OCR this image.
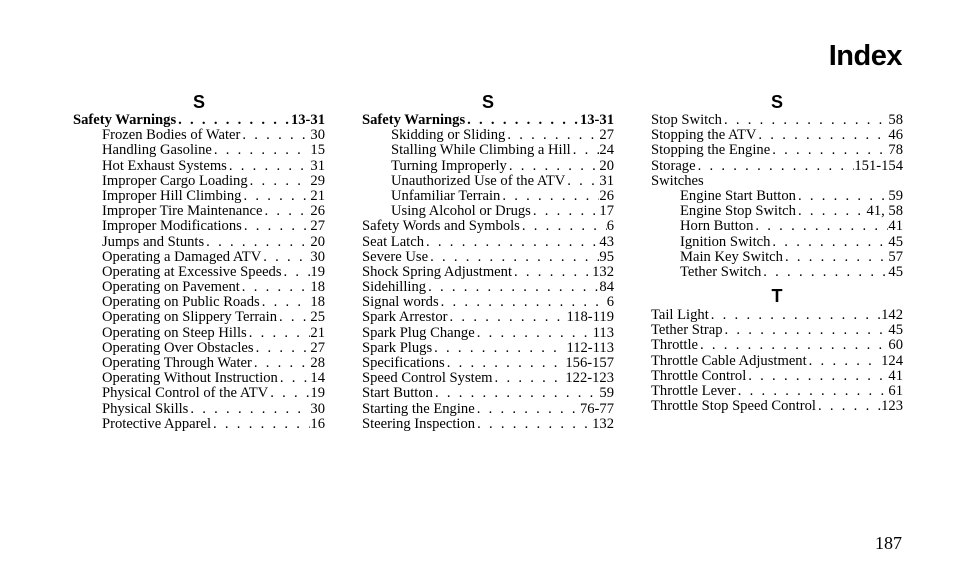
Index
S
Safety Warnings . . .	13-31
Frozen Bodies of Water . . .	30
Handling Gasoline . . .	15
Hot Exhaust Systems . . .	31
Improper Cargo Loading . . .	29
Improper Hill Climbing . . .	21
Improper Tire Maintenance . . .	26
Improper Modifications . . .	27
Jumps and Stunts . . .	20
Operating a Damaged ATV . . .	30
Operating at Excessive Speeds . . . 19
Operating on Pavement . . .	18
Operating on Public Roads . . .	18
Operating on Slippery Terrain . . . 25
Operating on Steep Hills . . .	21
Operating Over Obstacles . . .	27
Operating Through Water . . .	28
Operating Without Instruction . . . 14
Physical Control of the ATV . . .	19
Physical Skills . . .	30
Protective Apparel . . .	16
S
Safety Warnings . . .	13-31
Skidding or Sliding . . .	27
Stalling While Climbing a Hill . . . 24
Turning Improperly . . .	20
Unauthorized Use of the ATV . . . 31
Unfamiliar Terrain . . .	26
Using Alcohol or Drugs . . .	17
Safety Words and Symbols . . .	6
Seat Latch . . .	43
Severe Use . . .	95
Shock Spring Adjustment . . .	132
Sidehilling . . .	84
Signal words . . .	6
Spark Arrestor . . .	118-119
Spark Plug Change . . .	113
Spark Plugs . . .	112-113
Specifications . . .	156-157
Speed Control System . . .	122-123
Start Button . . .	59
Starting the Engine . . .	76-77
Steering Inspection . . .	132
S
Stop Switch . . .	58
Stopping the ATV . . .	46
Stopping the Engine . . .	78
Storage . . .	151-154
Switches
Engine Start Button . . .	59
Engine Stop Switch . . .	41, 58
Horn Button . . .	41
Ignition Switch . . .	45
Main Key Switch . . .	57
Tether Switch . . .	45
T
Tail Light . . .	142
Tether Strap . . .	45
Throttle . . .	60
Throttle Cable Adjustment . . .	124
Throttle Control . . .	41
Throttle Lever . . .	61
Throttle Stop Speed Control . . .	123
187
